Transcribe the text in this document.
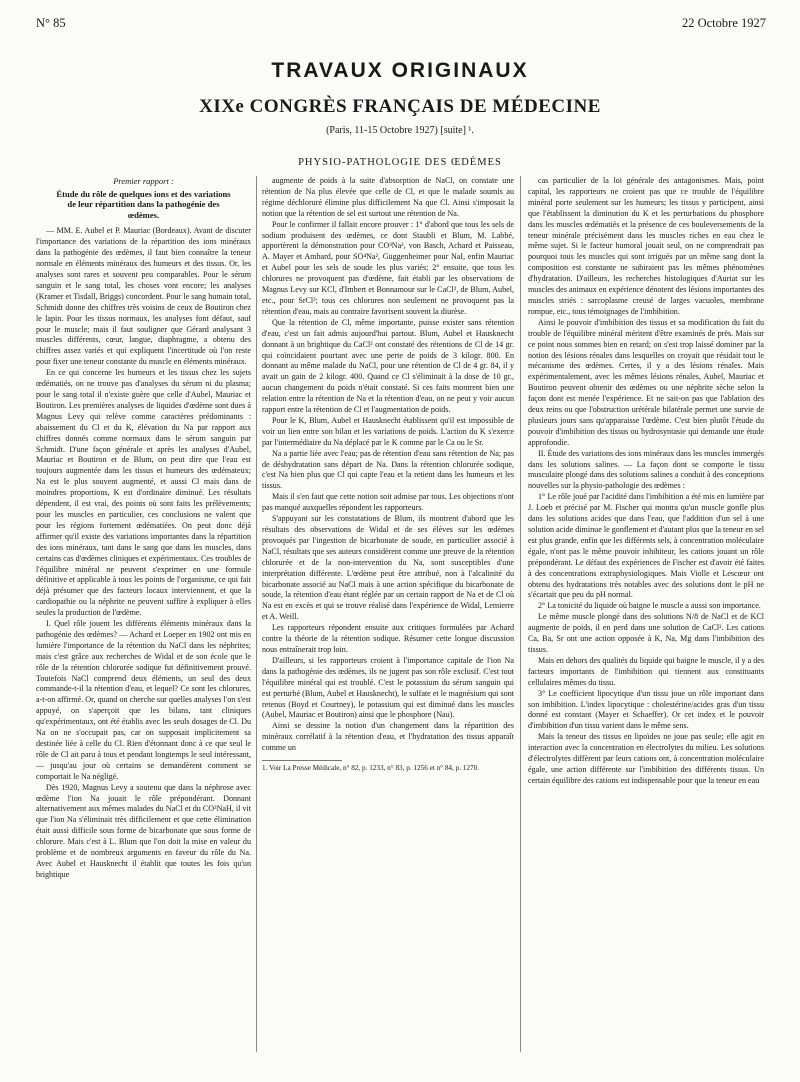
N° 85	22 Octobre 1927
TRAVAUX ORIGINAUX
XIXe CONGRÈS FRANÇAIS DE MÉDECINE
(Paris, 11-15 Octobre 1927) [suite] ¹.
PHYSIO-PATHOLOGIE DES ŒDÈMES
Premier rapport :
Étude du rôle de quelques ions et des variations de leur répartition dans la pathogénie des œdèmes.

— MM. E. Aubel et P. Mauriac (Bordeaux). Avant de discuter l'importance des variations de la répartition des ions minéraux dans la pathogénie des œdèmes, il faut bien connaître la teneur normale en éléments minéraux des humeurs et des tissus. Or, les analyses sont rares et souvent peu comparables. Pour le sérum sanguin et le sang total, les choses vont encore; les analyses (Kramer et Tisdall, Briggs) concordent. Pour le sang humain total, Schmidt donne des chiffres très voisins de ceux de Boutiron chez le lapin. Pour les tissus normaux, les analyses font défaut, sauf pour le muscle; mais il faut souligner que Gérard analysant 3 muscles différents, cœur, langue, diaphragme, a obtenu des chiffres assez variés et qui expliquent l'incertitude où l'on reste pour fixer une teneur constante du muscle en éléments minéraux.

En ce qui concerne les humeurs et les tissus chez les sujets œdématiés, on ne trouve pas d'analyses du sérum ni du plasma; pour le sang total il n'existe guère que celle d'Aubel, Mauriac et Boutiron. Les premières analyses de liquides d'œdème sont dues à Magnus Levy qui relève comme caractères prédominants : abaissement du Cl et du K, élévation du Na par rapport aux chiffres donnés comme normaux dans le sérum sanguin par Schmidt. D'une façon générale et après les analyses d'Aubel, Mauriac et Boutiron et de Blum, on peut dire que l'eau est toujours augmentée dans les tissus et humeurs des œdémateux; Na est le plus souvent augmenté, et aussi Cl mais dans de moindres proportions, K est d'ordinaire diminué. Les résultats dépendent, il est vrai, des points où sont faits les prélèvements; pour les muscles en particulier, ces conclusions ne valent que pour les régions fortement œdématiées. On peut donc déjà affirmer qu'il existe des variations importantes dans la répartition des ions minéraux, tant dans le sang que dans les muscles, dans certains cas d'œdèmes cliniques et expérimentaux. Ces troubles de l'équilibre minéral ne peuvent s'exprimer en une formule définitive et applicable à tous les points de l'organisme, ce qui fait déjà présumer que des facteurs locaux interviennent, et que la cardiopathie ou la néphrite ne peuvent suffire à expliquer à elles seules la production de l'œdème.

I. Quel rôle jouent les différents éléments minéraux dans la pathogénie des œdèmes? — Achard et Loeper en 1902 ont mis en lumière l'importance de la rétention du NaCl dans les néphrites; mais c'est grâce aux recherches de Widal et de son école que le rôle de la rétention chlorurée sodique fut définitivement prouvé. Toutefois NaCl comprend deux éléments, un seul des deux commande-t-il la rétention d'eau, et lequel? Ce sont les chlorures, a-t-on affirmé. Or, quand on cherche sur quelles analyses l'on s'est appuyé, on s'aperçoit que les bilans, tant cliniques qu'expérimentaux, ont été établis avec les seuls dosages de Cl. Du Na on ne s'occupait pas, car on supposait implicitement sa destinée liée à celle du Cl. Rien d'étonnant donc à ce que seul le rôle de Cl ait paru à tous et pendant longtemps le seul intéressant, — jusqu'au jour où certains se demandèrent comment se comportait le Na négligé.

Dès 1920, Magnus Levy a soutenu que dans la néphrose avec œdème l'ion Na jouait le rôle prépondérant. Donnant alternativement aux mêmes malades du NaCl et du CO³NaH, il vit que l'ion Na s'éliminait très difficilement et que cette élimination était aussi difficile sous forme de bicarbonate que sous forme de chlorure. Mais c'est à L. Blum que l'on doit la mise en valeur du problème et de nombreux arguments en faveur du rôle du Na. Avec Aubel et Hausknecht il établit que toutes les fois qu'un brightique

augmente de poids à la suite d'absorption de NaCl, on constate une rétention de Na plus élevée que celle de Cl, et que le malade soumis au régime déchloruré élimine plus difficilement Na que Cl. Ainsi s'imposait la notion que la rétention de sel est surtout une rétention de Na.

Pour le confirmer il fallait encore prouver : 1° d'abord que tous les sels de sodium produisent des œdèmes, ce dont Staubli et Blum, M. Labbé, apportèrent la démonstration pour CO³Na², von Basch, Achard et Paisseau, A. Mayer et Ambard, pour SO⁴Na², Guggenheimer pour NaI, enfin Mauriac et Aubel pour les sels de soude les plus variés; 2° ensuite, que tous les chlorures ne provoquent pas d'œdème, fait établi par les observations de Magnus Levy sur KCl, d'Imbert et Bonnamour sur le CaCl², de Blum, Aubel, etc., pour SrCl²; tous ces chlorures non seulement ne provoquent pas la rétention d'eau, mais au contraire favorisent souvent la diurèse.

Que la rétention de Cl, même importante, puisse exister sans rétention d'eau, c'est un fait admis aujourd'hui partout. Blum, Aubel et Hausknecht donnant à un brightique du CaCl² ont constaté des rétentions de Cl de 14 gr. qui coïncidaient pourtant avec une perte de poids de 3 kilogr. 800. En donnant au même malade du NaCl, pour une rétention de Cl de 4 gr. 84, il y avait un gain de 2 kilogr. 400. Quand ce Cl s'éliminait à la dose de 10 gr., aucun changement du poids n'était constaté. Si ces faits montrent bien une relation entre la rétention de Na et la rétention d'eau, on ne peut y voir aucun rapport entre la rétention de Cl et l'augmentation de poids.

Pour le K, Blum, Aubel et Hausknecht établissent qu'il est impossible de voir un lien entre son bilan et les variations de poids. L'action du K s'exerce par l'intermédiaire du Na déplacé par le K comme par le Ca ou le Sr.

Na a partie liée avec l'eau; pas de rétention d'eau sans rétention de Na; pas de déshydratation sans départ de Na. Dans la rétention chlorurée sodique, c'est Na bien plus que Cl qui capte l'eau et la retient dans les humeurs et les tissus.

Mais il s'en faut que cette notion soit admise par tous. Les objections n'ont pas manqué auxquelles répondent les rapporteurs.

S'appuyant sur les constatations de Blum, ils montrent d'abord que les résultats des observations de Widal et de ses élèves sur les œdèmes provoqués par l'ingestion de bicarbonate de soude, en particulier associé à NaCl, résultats que ses auteurs considèrent comme une preuve de la rétention chlorurée et de la non-intervention du Na, sont susceptibles d'une interprétation différente. L'œdème peut être attribué, non à l'alcalinité du bicarbonate associé au NaCl mais à une action spécifique du bicarbonate de soude, la rétention d'eau étant réglée par un certain rapport de Na et de Cl où Na est en excès et qui se trouve réalisé dans l'expérience de Widal, Lemierre et A. Weill.

Les rapporteurs répondent ensuite aux critiques formulées par Achard contre la théorie de la rétention sodique. Résumer cette longue discussion nous entraînerait trop loin.

D'ailleurs, si les rapporteurs croient à l'importance capitale de l'ion Na dans la pathogénie des œdèmes, ils ne jugent pas son rôle exclusif. C'est tout l'équilibre minéral qui est troublé. C'est le potassium du sérum sanguin qui est perturbé (Blum, Aubel et Hausknecht), le sulfate et le magnésium qui sont retenus (Boyd et Courtney), le potassium qui est diminué dans les muscles (Aubel, Mauriac et Boutiron) ainsi que le phosphore (Nau).

Ainsi se dessine la notion d'un changement dans la répartition des minéraux corrélatif à la rétention d'eau, et l'hydratation des tissus apparaît comme un

1. Voir La Presse Médicale, n° 82, p. 1233, n° 83, p. 1256 et n° 84, p. 1270.

cas particulier de la loi générale des antagonismes. Mais, point capital, les rapporteurs ne croient pas que ce trouble de l'équilibre minéral porte seulement sur les humeurs; les tissus y participent, ainsi que l'établissent la diminution du K et les perturbations du phosphore dans les muscles œdématiés et la présence de ces bouleversements de la teneur minérale précisément dans les muscles riches en eau chez le même sujet. Si le facteur humoral jouait seul, on ne comprendrait pas pourquoi tous les muscles qui sont irrigués par un même sang dont la composition est constante ne subiraient pas les mêmes phénomènes d'hydratation. D'ailleurs, les recherches histologiques d'Auriat sur les muscles des animaux en expérience dénotent des lésions importantes des muscles striés : sarcoplasme creusé de larges vacuoles, membrane rompue, etc., tous témoignages de l'imbibition.

Ainsi le pouvoir d'imbibition des tissus et sa modification du fait du trouble de l'équilibre minéral méritent d'être examinés de près. Mais sur ce point nous sommes bien en retard; on s'est trop laissé dominer par la notion des lésions rénales dans lesquelles on croyait que résidait tout le mécanisme des œdèmes. Certes, il y a des lésions rénales. Mais expérimentalement, avec les mêmes lésions rénales, Aubel, Mauriac et Boutiron peuvent obtenir des œdèmes ou une néphrite sèche selon la façon dont est menée l'expérience. Et ne sait-on pas que l'ablation des deux reins ou que l'obstruction urétérale bilatérale permet une survie de plusieurs jours sans qu'apparaisse l'œdème. C'est bien plutôt l'étude du pouvoir d'imbibition des tissus ou hydrosyntasie qui demande une étude approfondie.

II. Étude des variations des ions minéraux dans les muscles immergés dans les solutions salines. — La façon dont se comporte le tissu musculaire plongé dans des solutions salines a conduit à des conceptions nouvelles sur la physio-pathologie des œdèmes :

1° Le rôle joué par l'acidité dans l'imbibition a été mis en lumière par J. Loeb et précisé par M. Fischer qui montra qu'un muscle gonfle plus dans les solutions acides que dans l'eau, que l'addition d'un sel à une solution acide diminue le gonflement et d'autant plus que la teneur en sel est plus grande, enfin que les différents sels, à concentration moléculaire égale, n'ont pas le même pouvoir inhibiteur, les cations jouant un rôle prépondérant. Le défaut des expériences de Fischer est d'avoir été faites à des concentrations extraphysiologiques. Mais Violle et Lescœur ont obtenu des hydratations très notables avec des solutions dont le pH ne s'écartait que peu du pH normal.

2° La tonicité du liquide où baigne le muscle a aussi son importance.

Le même muscle plongé dans des solutions N/8 de NaCl et de KCl augmente de poids, il en perd dans une solution de CaCl². Les cations Ca, Ba, Sr ont une action opposée à K, Na, Mg dans l'imbibition des tissus.

Mais en dehors des qualités du liquide qui baigne le muscle, il y a des facteurs importants de l'imbibition qui tiennent aux constituants cellulaires mêmes du tissu.

3° Le coefficient lipocytique d'un tissu joue un rôle important dans son imbibition. L'index lipocytique : cholestérine/acides gras d'un tissu donné est constant (Mayer et Schaeffer). Or cet index et le pouvoir d'imbibition d'un tissu varient dans le même sens.

Mais la teneur des tissus en lipoïdes ne joue pas seule; elle agit en interaction avec la concentration en électrolytes du milieu. Les solutions d'électrolytes diffèrent par leurs cations ont, à concentration moléculaire égale, une action différente sur l'imbibition des différents tissus. Un certain équilibre des cations est indispensable pour que la teneur en eau
